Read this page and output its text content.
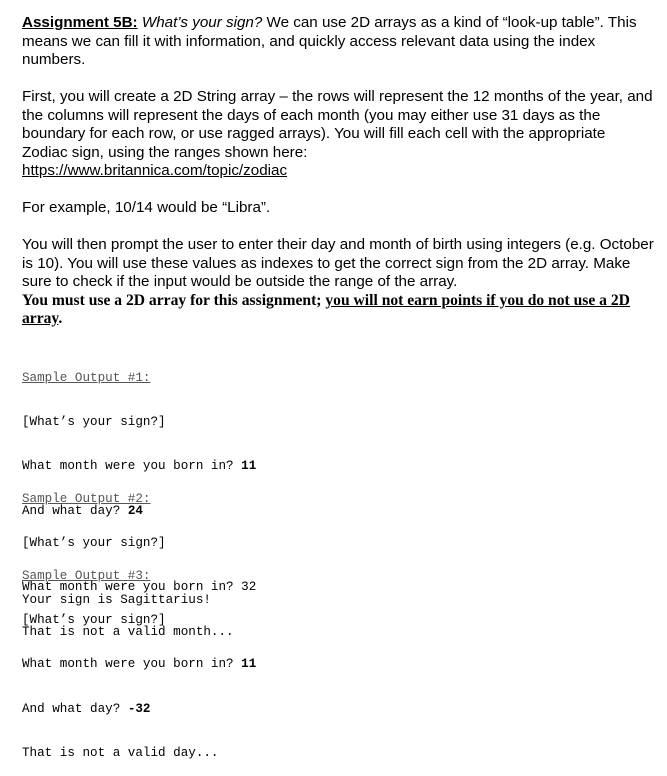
Assignment 5B: What’s your sign? We can use 2D arrays as a kind of “look-up table”. This means we can fill it with information, and quickly access relevant data using the index numbers.

First, you will create a 2D String array – the rows will represent the 12 months of the year, and the columns will represent the days of each month (you may either use 31 days as the boundary for each row, or use ragged arrays). You will fill each cell with the appropriate Zodiac sign, using the ranges shown here:
https://www.britannica.com/topic/zodiac

For example, 10/14 would be “Libra”.

You will then prompt the user to enter their day and month of birth using integers (e.g. October is 10). You will use these values as indexes to get the correct sign from the 2D array. Make sure to check if the input would be outside the range of the array.

You must use a 2D array for this assignment; you will not earn points if you do not use a 2D array.

Sample Output #1:

[What’s your sign?]

What month were you born in? 11

And what day? 24

Your sign is Sagittarius!

Sample Output #2:

[What’s your sign?]

What month were you born in? 32

That is not a valid month...

Sample Output #3:

[What’s your sign?]

What month were you born in? 11

And what day? -32

That is not a valid day...
